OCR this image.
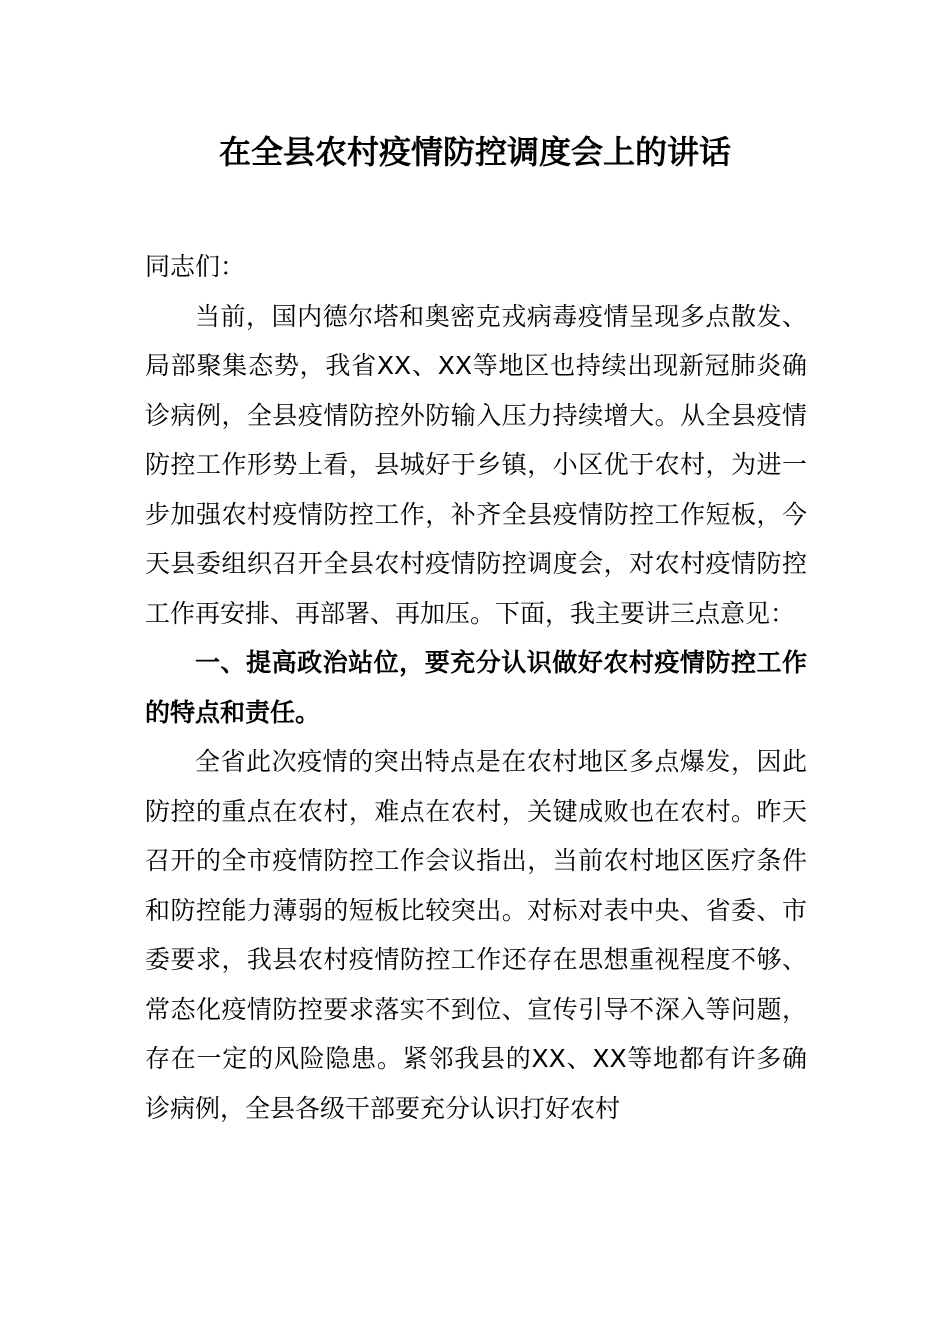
在全县农村疫情防控调度会上的讲话

同志们：

当前，国内德尔塔和奥密克戎病毒疫情呈现多点散发、局部聚集态势，我省XX、XX等地区也持续出现新冠肺炎确诊病例，全县疫情防控外防输入压力持续增大。从全县疫情防控工作形势上看，县城好于乡镇，小区优于农村，为进一步加强农村疫情防控工作，补齐全县疫情防控工作短板，今天县委组织召开全县农村疫情防控调度会，对农村疫情防控工作再安排、再部署、再加压。下面，我主要讲三点意见：

一、提高政治站位，要充分认识做好农村疫情防控工作的特点和责任。

全省此次疫情的突出特点是在农村地区多点爆发，因此防控的重点在农村，难点在农村，关键成败也在农村。昨天召开的全市疫情防控工作会议指出，当前农村地区医疗条件和防控能力薄弱的短板比较突出。对标对表中央、省委、市委要求，我县农村疫情防控工作还存在思想重视程度不够、常态化疫情防控要求落实不到位、宣传引导不深入等问题，存在一定的风险隐患。紧邻我县的XX、XX等地都有许多确诊病例，全县各级干部要充分认识打好农村
